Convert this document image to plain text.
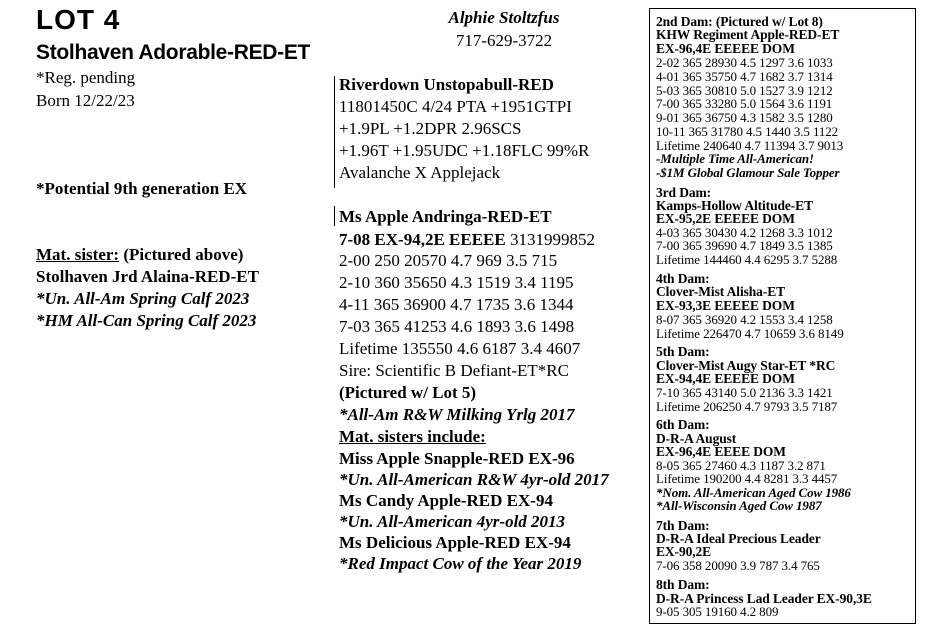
LOT 4
Stolhaven Adorable-RED-ET
*Reg. pending
Born 12/22/23
*Potential 9th generation EX
Mat. sister: (Pictured above)
Stolhaven Jrd Alaina-RED-ET
*Un. All-Am Spring Calf 2023
*HM All-Can Spring Calf 2023
Alphie Stoltzfus
717-629-3722
Riverdown Unstopabull-RED
11801450C 4/24 PTA +1951GTPI
+1.9PL +1.2DPR 2.96SCS
+1.96T +1.95UDC +1.18FLC 99%R
Avalanche X Applejack
Ms Apple Andringa-RED-ET
7-08 EX-94,2E EEEEE 3131999852
2-00 250 20570 4.7 969 3.5 715
2-10 360 35650 4.3 1519 3.4 1195
4-11 365 36900 4.7 1735 3.6 1344
7-03 365 41253 4.6 1893 3.6 1498
Lifetime 135550 4.6 6187 3.4 4607
Sire: Scientific B Defiant-ET*RC
(Pictured w/ Lot 5)
*All-Am R&W Milking Yrlg 2017
Mat. sisters include:
Miss Apple Snapple-RED EX-96
*Un. All-American R&W 4yr-old 2017
Ms Candy Apple-RED EX-94
*Un. All-American 4yr-old 2013
Ms Delicious Apple-RED EX-94
*Red Impact Cow of the Year 2019
2nd Dam: (Pictured w/ Lot 8)
KHW Regiment Apple-RED-ET
EX-96,4E EEEEE DOM
2-02 365 28930 4.5 1297 3.6 1033
4-01 365 35750 4.7 1682 3.7 1314
5-03 365 30810 5.0 1527 3.9 1212
7-00 365 33280 5.0 1564 3.6 1191
9-01 365 36750 4.3 1582 3.5 1280
10-11 365 31780 4.5 1440 3.5 1122
Lifetime 240640 4.7 11394 3.7 9013
-Multiple Time All-American!
-$1M Global Glamour Sale Topper
3rd Dam:
Kamps-Hollow Altitude-ET
EX-95,2E EEEEE DOM
4-03 365 30430 4.2 1268 3.3 1012
7-00 365 39690 4.7 1849 3.5 1385
Lifetime 144460 4.4 6295 3.7 5288
4th Dam:
Clover-Mist Alisha-ET
EX-93,3E EEEEE DOM
8-07 365 36920 4.2 1553 3.4 1258
Lifetime 226470 4.7 10659 3.6 8149
5th Dam:
Clover-Mist Augy Star-ET *RC
EX-94,4E EEEEE DOM
7-10 365 43140 5.0 2136 3.3 1421
Lifetime 206250 4.7 9793 3.5 7187
6th Dam:
D-R-A August
EX-96,4E EEEE DOM
8-05 365 27460 4.3 1187 3.2 871
Lifetime 190200 4.4 8281 3.3 4457
*Nom. All-American Aged Cow 1986
*All-Wisconsin Aged Cow 1987
7th Dam:
D-R-A Ideal Precious Leader
EX-90,2E
7-06 358 20090 3.9 787 3.4 765
8th Dam:
D-R-A Princess Lad Leader EX-90,3E
9-05 305 19160 4.2 809
